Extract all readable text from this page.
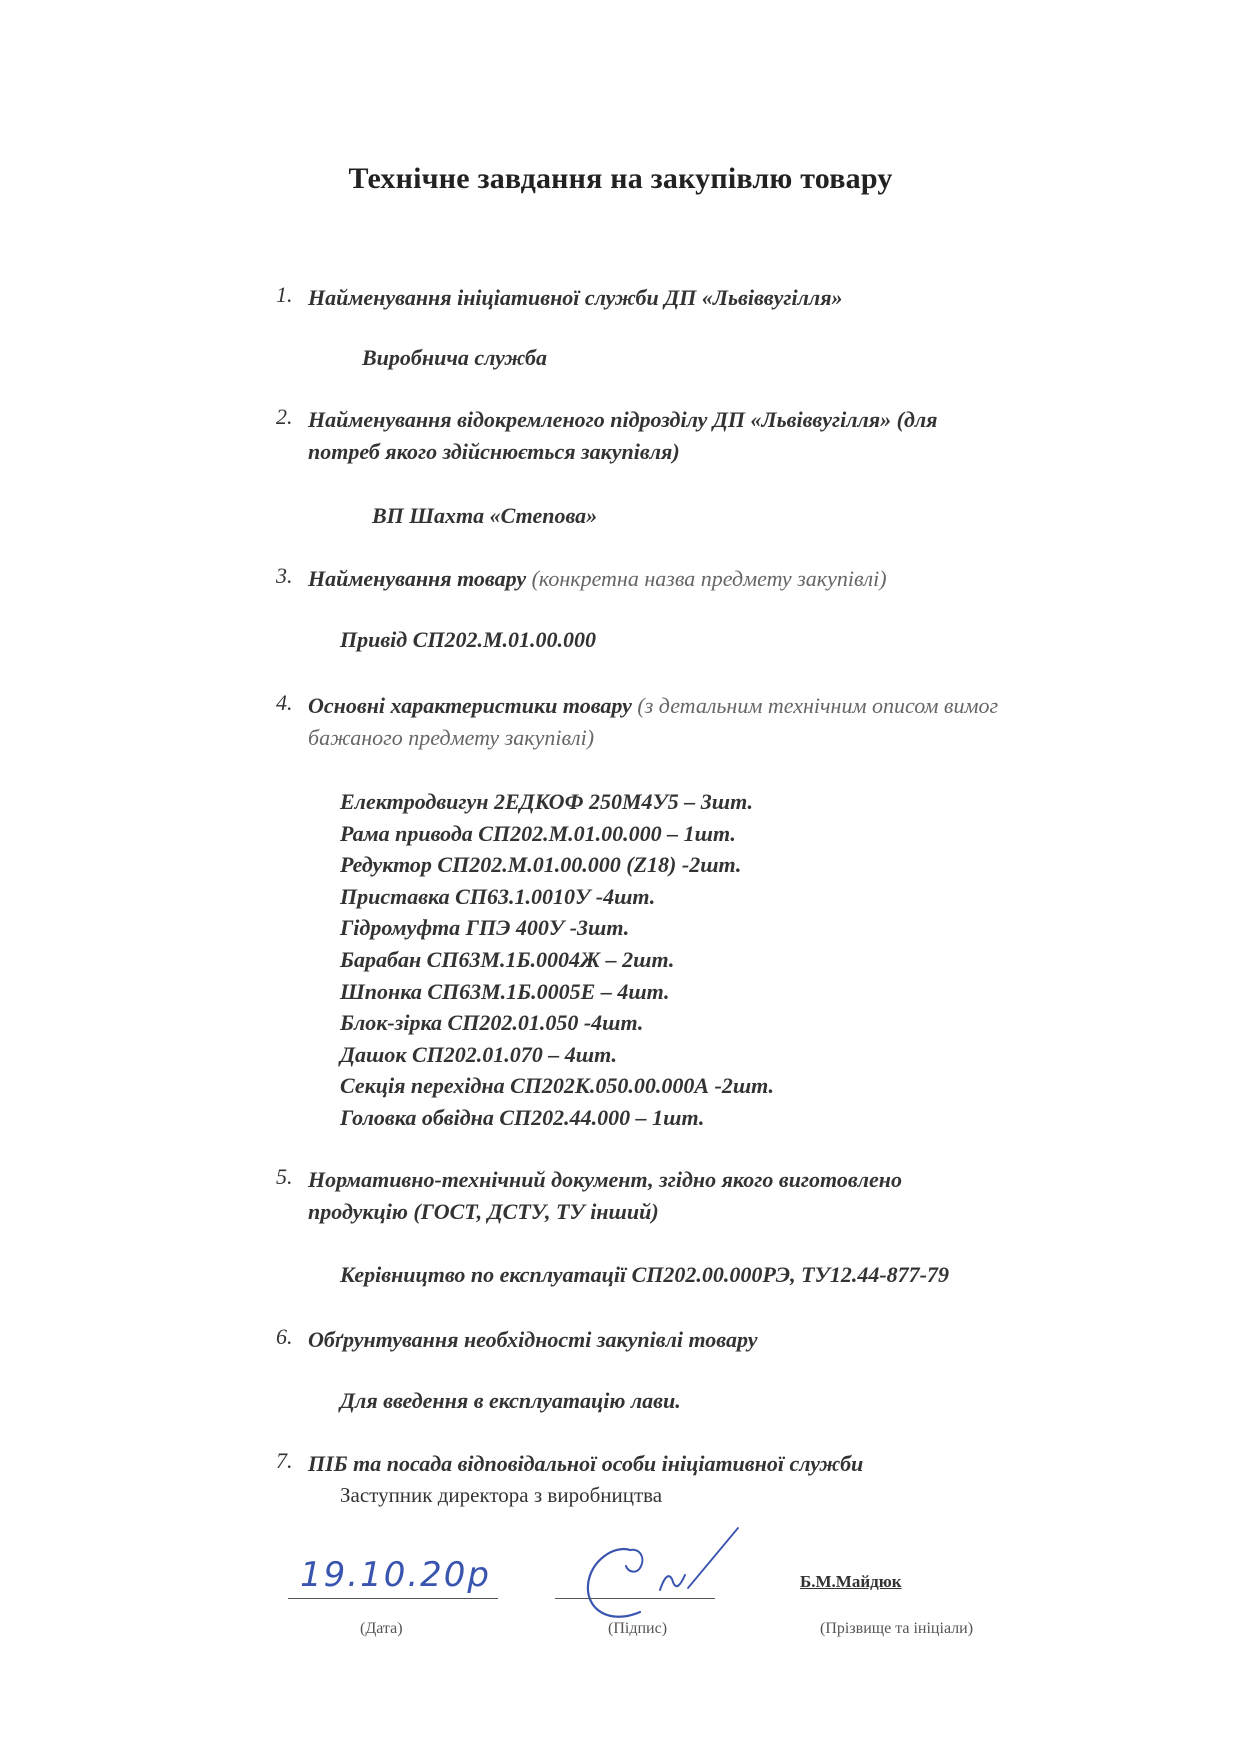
Технічне завдання на закупівлю товару
1. Найменування ініціативної служби ДП «Львіввугілля»
Виробнича служба
2. Найменування відокремленого підрозділу ДП «Львіввугілля» (для
потреб якого здійснюється закупівля)
ВП Шахта «Степова»
3. Найменування товару (конкретна назва предмету закупівлі)
Привід СП202.М.01.00.000
4. Основні характеристики товару (з детальним технічним описом вимог
бажаного предмету закупівлі)
Електродвигун 2ЕДКОФ 250М4У5 – 3шт.
Рама привода СП202.М.01.00.000 – 1шт.
Редуктор СП202.М.01.00.000 (Z18) -2шт.
Приставка СП63.1.0010У -4шт.
Гідромуфта ГПЭ 400У -3шт.
Барабан СП63М.1Б.0004Ж – 2шт.
Шпонка СП63М.1Б.0005Е – 4шт.
Блок-зірка СП202.01.050 -4шт.
Дашок СП202.01.070 – 4шт.
Секція перехідна СП202К.050.00.000А -2шт.
Головка обвідна СП202.44.000 – 1шт.
5. Нормативно-технічний документ, згідно якого виготовлено
продукцію (ГОСТ, ДСТУ, ТУ інший)
Керівництво по експлуатації СП202.00.000РЭ, ТУ12.44-877-79
6. Обґрунтування необхідності закупівлі товару
Для введення в експлуатацію лави.
7. ПІБ та посада відповідальної особи ініціативної служби
Заступник директора з виробництва
19.10.20р
(Дата)	(Підпис)
Б.М.Майдюк
(Прізвище та ініціали)
